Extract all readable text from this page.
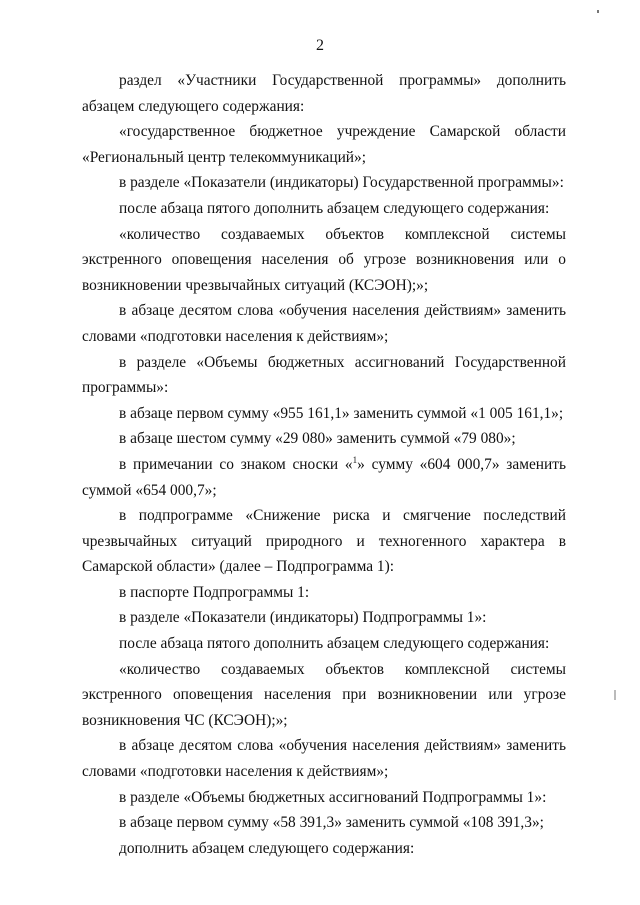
2

раздел «Участники Государственной программы» дополнить абзацем следующего содержания:

«государственное бюджетное учреждение Самарской области «Региональный центр телекоммуникаций»;

в разделе «Показатели (индикаторы) Государственной программы»:

после абзаца пятого дополнить абзацем следующего содержания:

«количество создаваемых объектов комплексной системы экстренного оповещения населения об угрозе возникновения или о возникновении чрезвычайных ситуаций (КСЭОН);»;

в абзаце десятом слова «обучения населения действиям» заменить словами «подготовки населения к действиям»;

в разделе «Объемы бюджетных ассигнований Государственной программы»:

в абзаце первом сумму «955 161,1» заменить суммой «1 005 161,1»;

в абзаце шестом сумму «29 080» заменить суммой «79 080»;

в примечании со знаком сноски «$^1$» сумму «604 000,7» заменить суммой «654 000,7»;

в подпрограмме «Снижение риска и смягчение последствий чрезвычайных ситуаций природного и техногенного характера в Самарской области» (далее – Подпрограмма 1):

в паспорте Подпрограммы 1:

в разделе «Показатели (индикаторы) Подпрограммы 1»:

после абзаца пятого дополнить абзацем следующего содержания:

«количество создаваемых объектов комплексной системы экстренного оповещения населения при возникновении или угрозе возникновения ЧС (КСЭОН);»;

в абзаце десятом слова «обучения населения действиям» заменить словами «подготовки населения к действиям»;

в разделе «Объемы бюджетных ассигнований Подпрограммы 1»:

в абзаце первом сумму «58 391,3» заменить суммой «108 391,3»;

дополнить абзацем следующего содержания:
